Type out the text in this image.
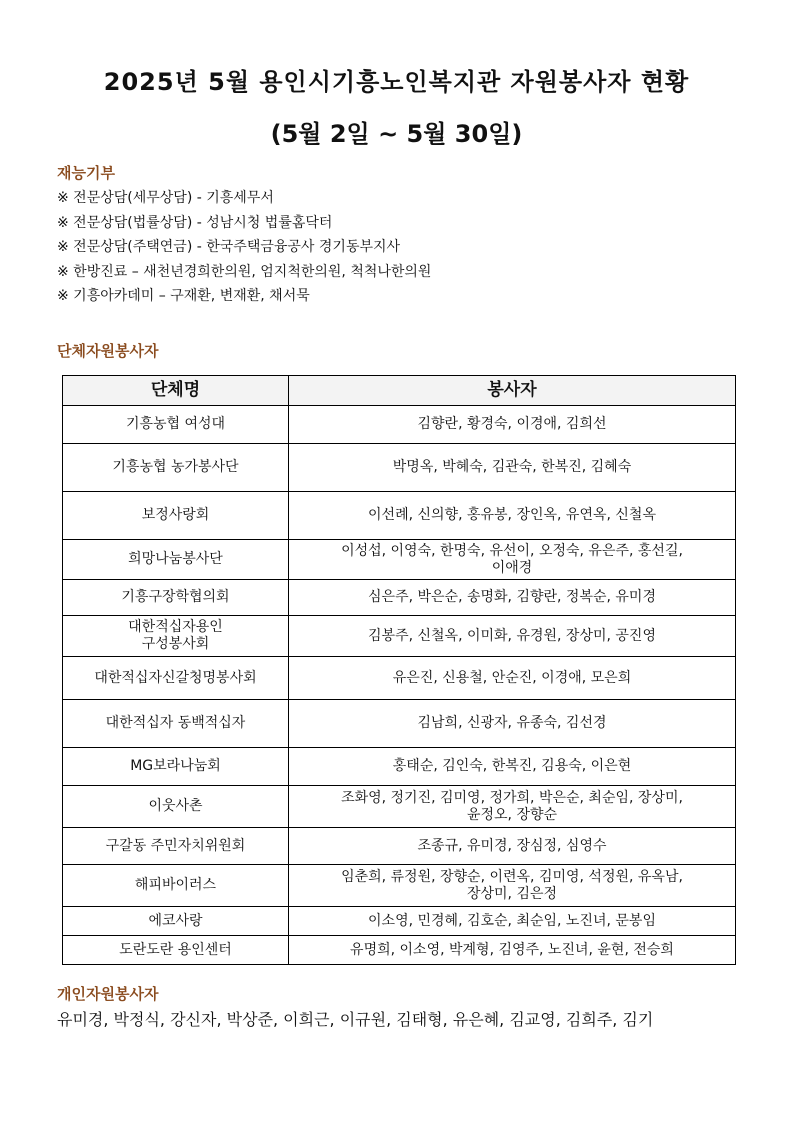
2025년 5월 용인시기흥노인복지관 자원봉사자 현황
(5월 2일 ~ 5월 30일)
재능기부
※ 전문상담(세무상담) - 기흥세무서
※ 전문상담(법률상담) - 성남시청 법률홈닥터
※ 전문상담(주택연금) - 한국주택금융공사 경기동부지사
※ 한방진료 – 새천년경희한의원, 엄지척한의원, 척척나한의원
※ 기흥아카데미 – 구재환, 변재환, 채서묵
단체자원봉사자
단체명	봉사자
기흥농협 여성대	김향란, 황경숙, 이경애, 김희선
기흥농협 농가봉사단	박명옥, 박혜숙, 김관숙, 한복진, 김혜숙
보정사랑회	이선례, 신의향, 홍유봉, 장인옥, 유연옥, 신철옥
희망나눔봉사단	이성섭, 이영숙, 한명숙, 유선이, 오정숙, 유은주, 홍선길,
이애경
기흥구장학협의회	심은주, 박은순, 송명화, 김향란, 정복순, 유미경
대한적십자용인
구성봉사회	김봉주, 신철옥, 이미화, 유경원, 장상미, 공진영
대한적십자신갈청명봉사회	유은진, 신용철, 안순진, 이경애, 모은희
대한적십자 동백적십자	김남희, 신광자, 유종숙, 김선경
MG보라나눔회	홍태순, 김인숙, 한복진, 김용숙, 이은현
이웃사촌	조화영, 정기진, 김미영, 정가희, 박은순, 최순임, 장상미,
윤정오, 장향순
구갈동 주민자치위원회	조종규, 유미경, 장심정, 심영수
해피바이러스	임춘희, 류정원, 장향순, 이련옥, 김미영, 석정원, 유옥남,
장상미, 김은정
에코사랑	이소영, 민경혜, 김호순, 최순임, 노진녀, 문봉임
도란도란 용인센터	유명희, 이소영, 박계형, 김영주, 노진녀, 윤현, 전승희
개인자원봉사자
유미경, 박정식, 강신자, 박상준, 이희근, 이규원, 김태형, 유은혜, 김교영, 김희주, 김기
